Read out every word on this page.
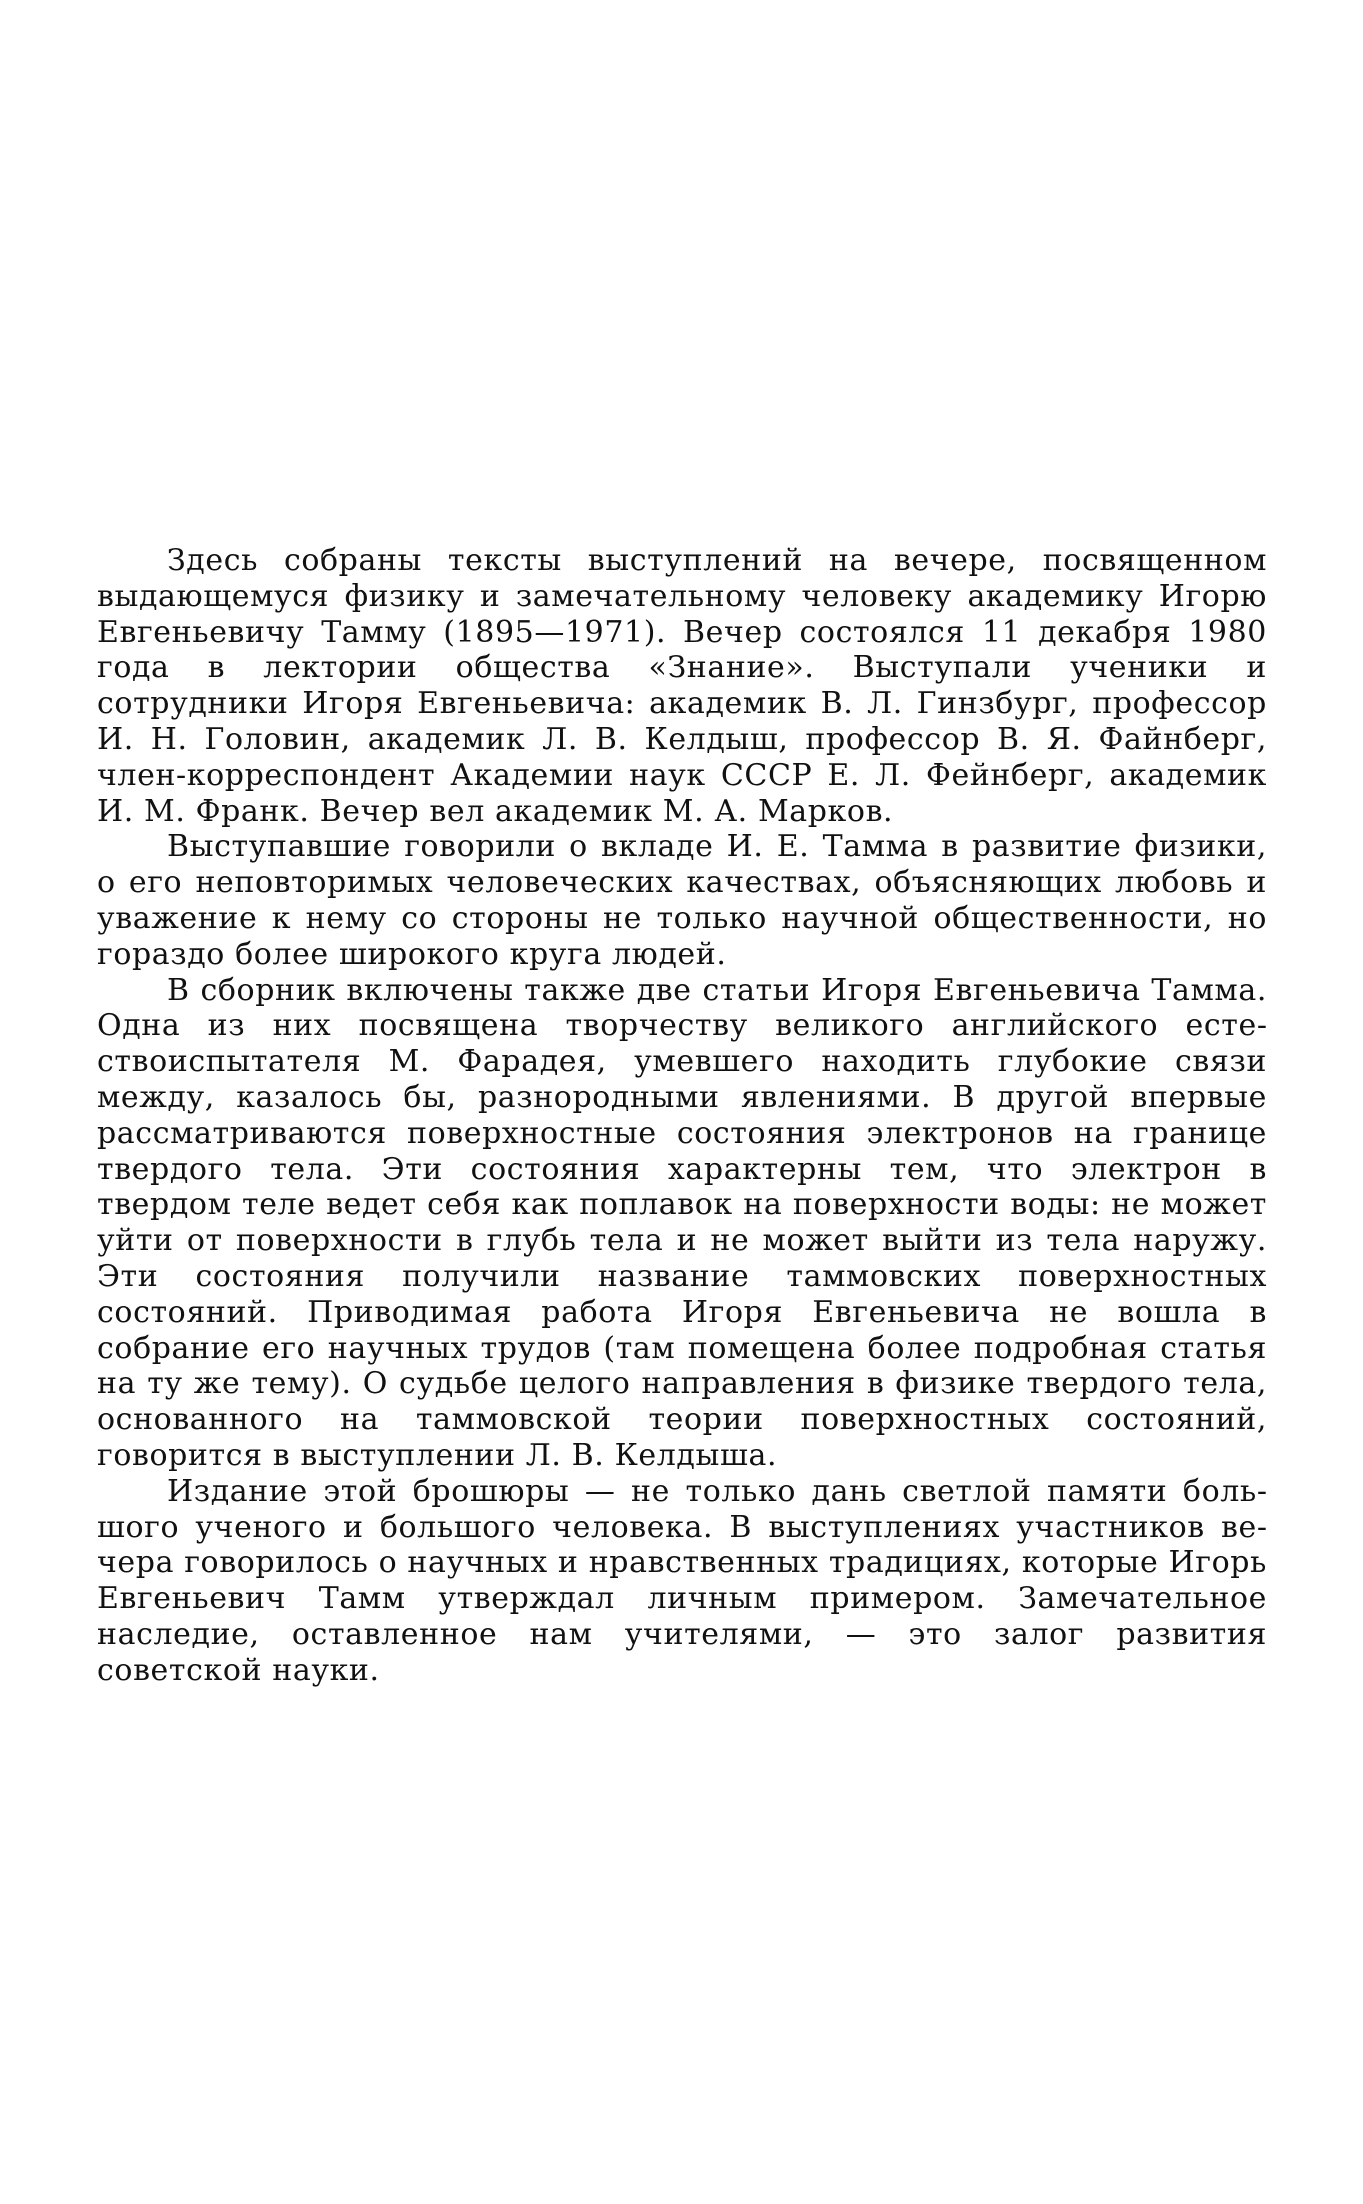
Здесь собраны тексты выступлений на вечере, посвященном выдающемуся физику и замечательному человеку академику Игорю Евгеньевичу Тамму (1895—1971). Вечер состоялся 11 декабря 1980 года в лектории общества «Знание». Выступали ученики и сотрудники Игоря Евгеньевича: академик В. Л. Гинзбург, профессор И. Н. Головин, академик Л. В. Келдыш, профессор В. Я. Файнберг, член-корреспондент Академии наук СССР Е. Л. Фейнберг, академик И. М. Франк. Вечер вел академик М. А. Марков.

Выступавшие говорили о вкладе И. Е. Тамма в развитие физики, о его неповторимых человеческих качествах, объясняющих любовь и уважение к нему со стороны не только научной общественности, но гораздо более широкого круга людей.

В сборник включены также две статьи Игоря Евгеньевича Тамма. Одна из них посвящена творчеству великого английского естествоиспытателя М. Фарадея, умевшего находить глубокие связи между, казалось бы, разнородными явлениями. В другой впервые рассматриваются поверхностные состояния электронов на границе твердого тела. Эти состояния характерны тем, что электрон в твердом теле ведет себя как поплавок на поверхности воды: не может уйти от поверхности в глубь тела и не может выйти из тела наружу. Эти состояния получили название таммовских поверхностных состояний. Приводимая работа Игоря Евгеньевича не вошла в собрание его научных трудов (там помещена более подробная статья на ту же тему). О судьбе целого направления в физике твердого тела, основанного на таммовской теории поверхностных состояний, говорится в выступлении Л. В. Келдыша.

Издание этой брошюры — не только дань светлой памяти большого ученого и большого человека. В выступлениях участников вечера говорилось о научных и нравственных традициях, которые Игорь Евгеньевич Тамм утверждал личным примером. Замечательное наследие, оставленное нам учителями, — это залог развития советской науки.
